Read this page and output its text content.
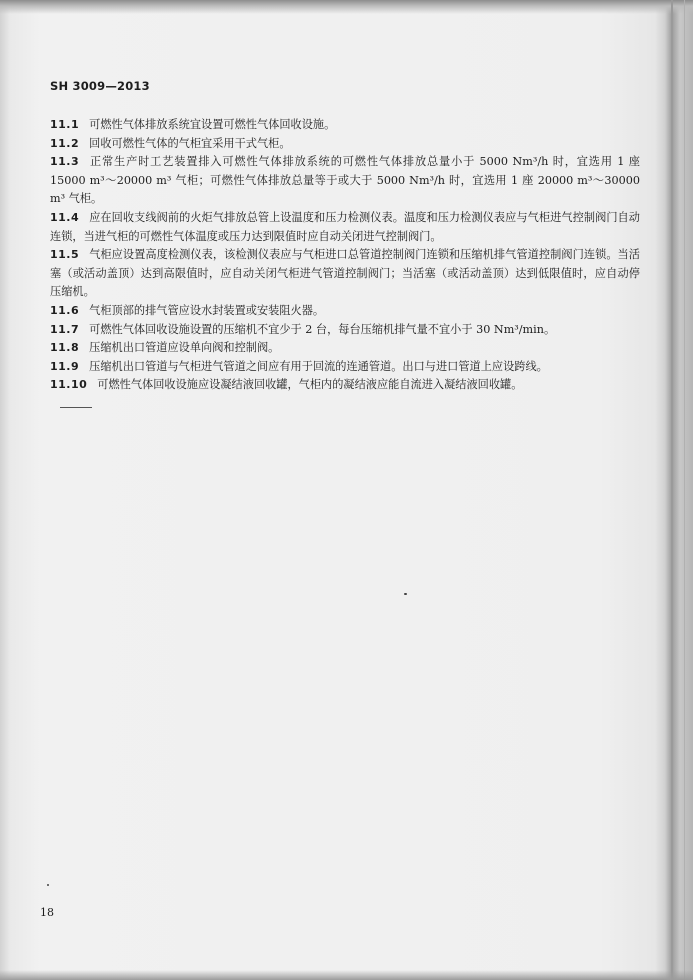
SH 3009—2013

11.1 可燃性气体排放系统宜设置可燃性气体回收设施。

11.2 回收可燃性气体的气柜宜采用干式气柜。

11.3 正常生产时工艺装置排入可燃性气体排放系统的可燃性气体排放总量小于 5000 Nm³/h 时，宜选用 1 座 15000 m³～20000 m³ 气柜；可燃性气体排放总量等于或大于 5000 Nm³/h 时，宜选用 1 座 20000 m³～30000 m³ 气柜。

11.4 应在回收支线阀前的火炬气排放总管上设温度和压力检测仪表。温度和压力检测仪表应与气柜进气控制阀门自动连锁，当进气柜的可燃性气体温度或压力达到限值时应自动关闭进气控制阀门。

11.5 气柜应设置高度检测仪表，该检测仪表应与气柜进口总管道控制阀门连锁和压缩机排气管道控制阀门连锁。当活塞（或活动盖顶）达到高限值时，应自动关闭气柜进气管道控制阀门；当活塞（或活动盖顶）达到低限值时，应自动停压缩机。

11.6 气柜顶部的排气管应设水封装置或安装阻火器。

11.7 可燃性气体回收设施设置的压缩机不宜少于 2 台，每台压缩机排气量不宜小于 30 Nm³/min。

11.8 压缩机出口管道应设单向阀和控制阀。

11.9 压缩机出口管道与气柜进气管道之间应有用于回流的连通管道。出口与进口管道上应设跨线。

11.10 可燃性气体回收设施应设凝结液回收罐，气柜内的凝结液应能自流进入凝结液回收罐。

18
